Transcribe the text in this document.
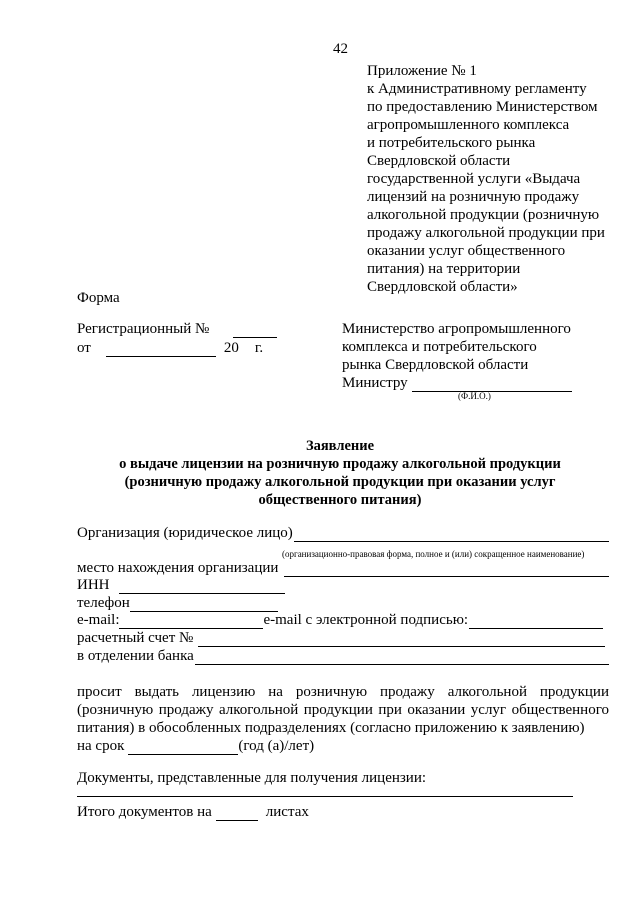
42
Приложение № 1
к Административному регламенту
по предоставлению Министерством
агропромышленного комплекса
и потребительского рынка
Свердловской области
государственной услуги «Выдача
лицензий на розничную продажу
алкогольной продукции (розничную
продажу алкогольной продукции при
оказании услуг общественного
питания) на территории
Свердловской области»
Форма
Регистрационный №
от	20 г.
Министерство агропромышленного
комплекса и потребительского
рынка Свердловской области
Министру
(Ф.И.О.)
Заявление
о выдаче лицензии на розничную продажу алкогольной продукции
(розничную продажу алкогольной продукции при оказании услуг
общественного питания)
Организация (юридическое лицо)
(организационно-правовая форма, полное и (или) сокращенное наименование)
место нахождения организации
ИНН
телефон
e-mail:	e-mail с электронной подписью:
расчетный счет №
в отделении банка
просит выдать лицензию на розничную продажу алкогольной продукции (розничную продажу алкогольной продукции при оказании услуг общественного питания) в обособленных подразделениях (согласно приложению к заявлению)
на срок	(год (а)/лет)
Документы, представленные для получения лицензии:
Итого документов на	листах
